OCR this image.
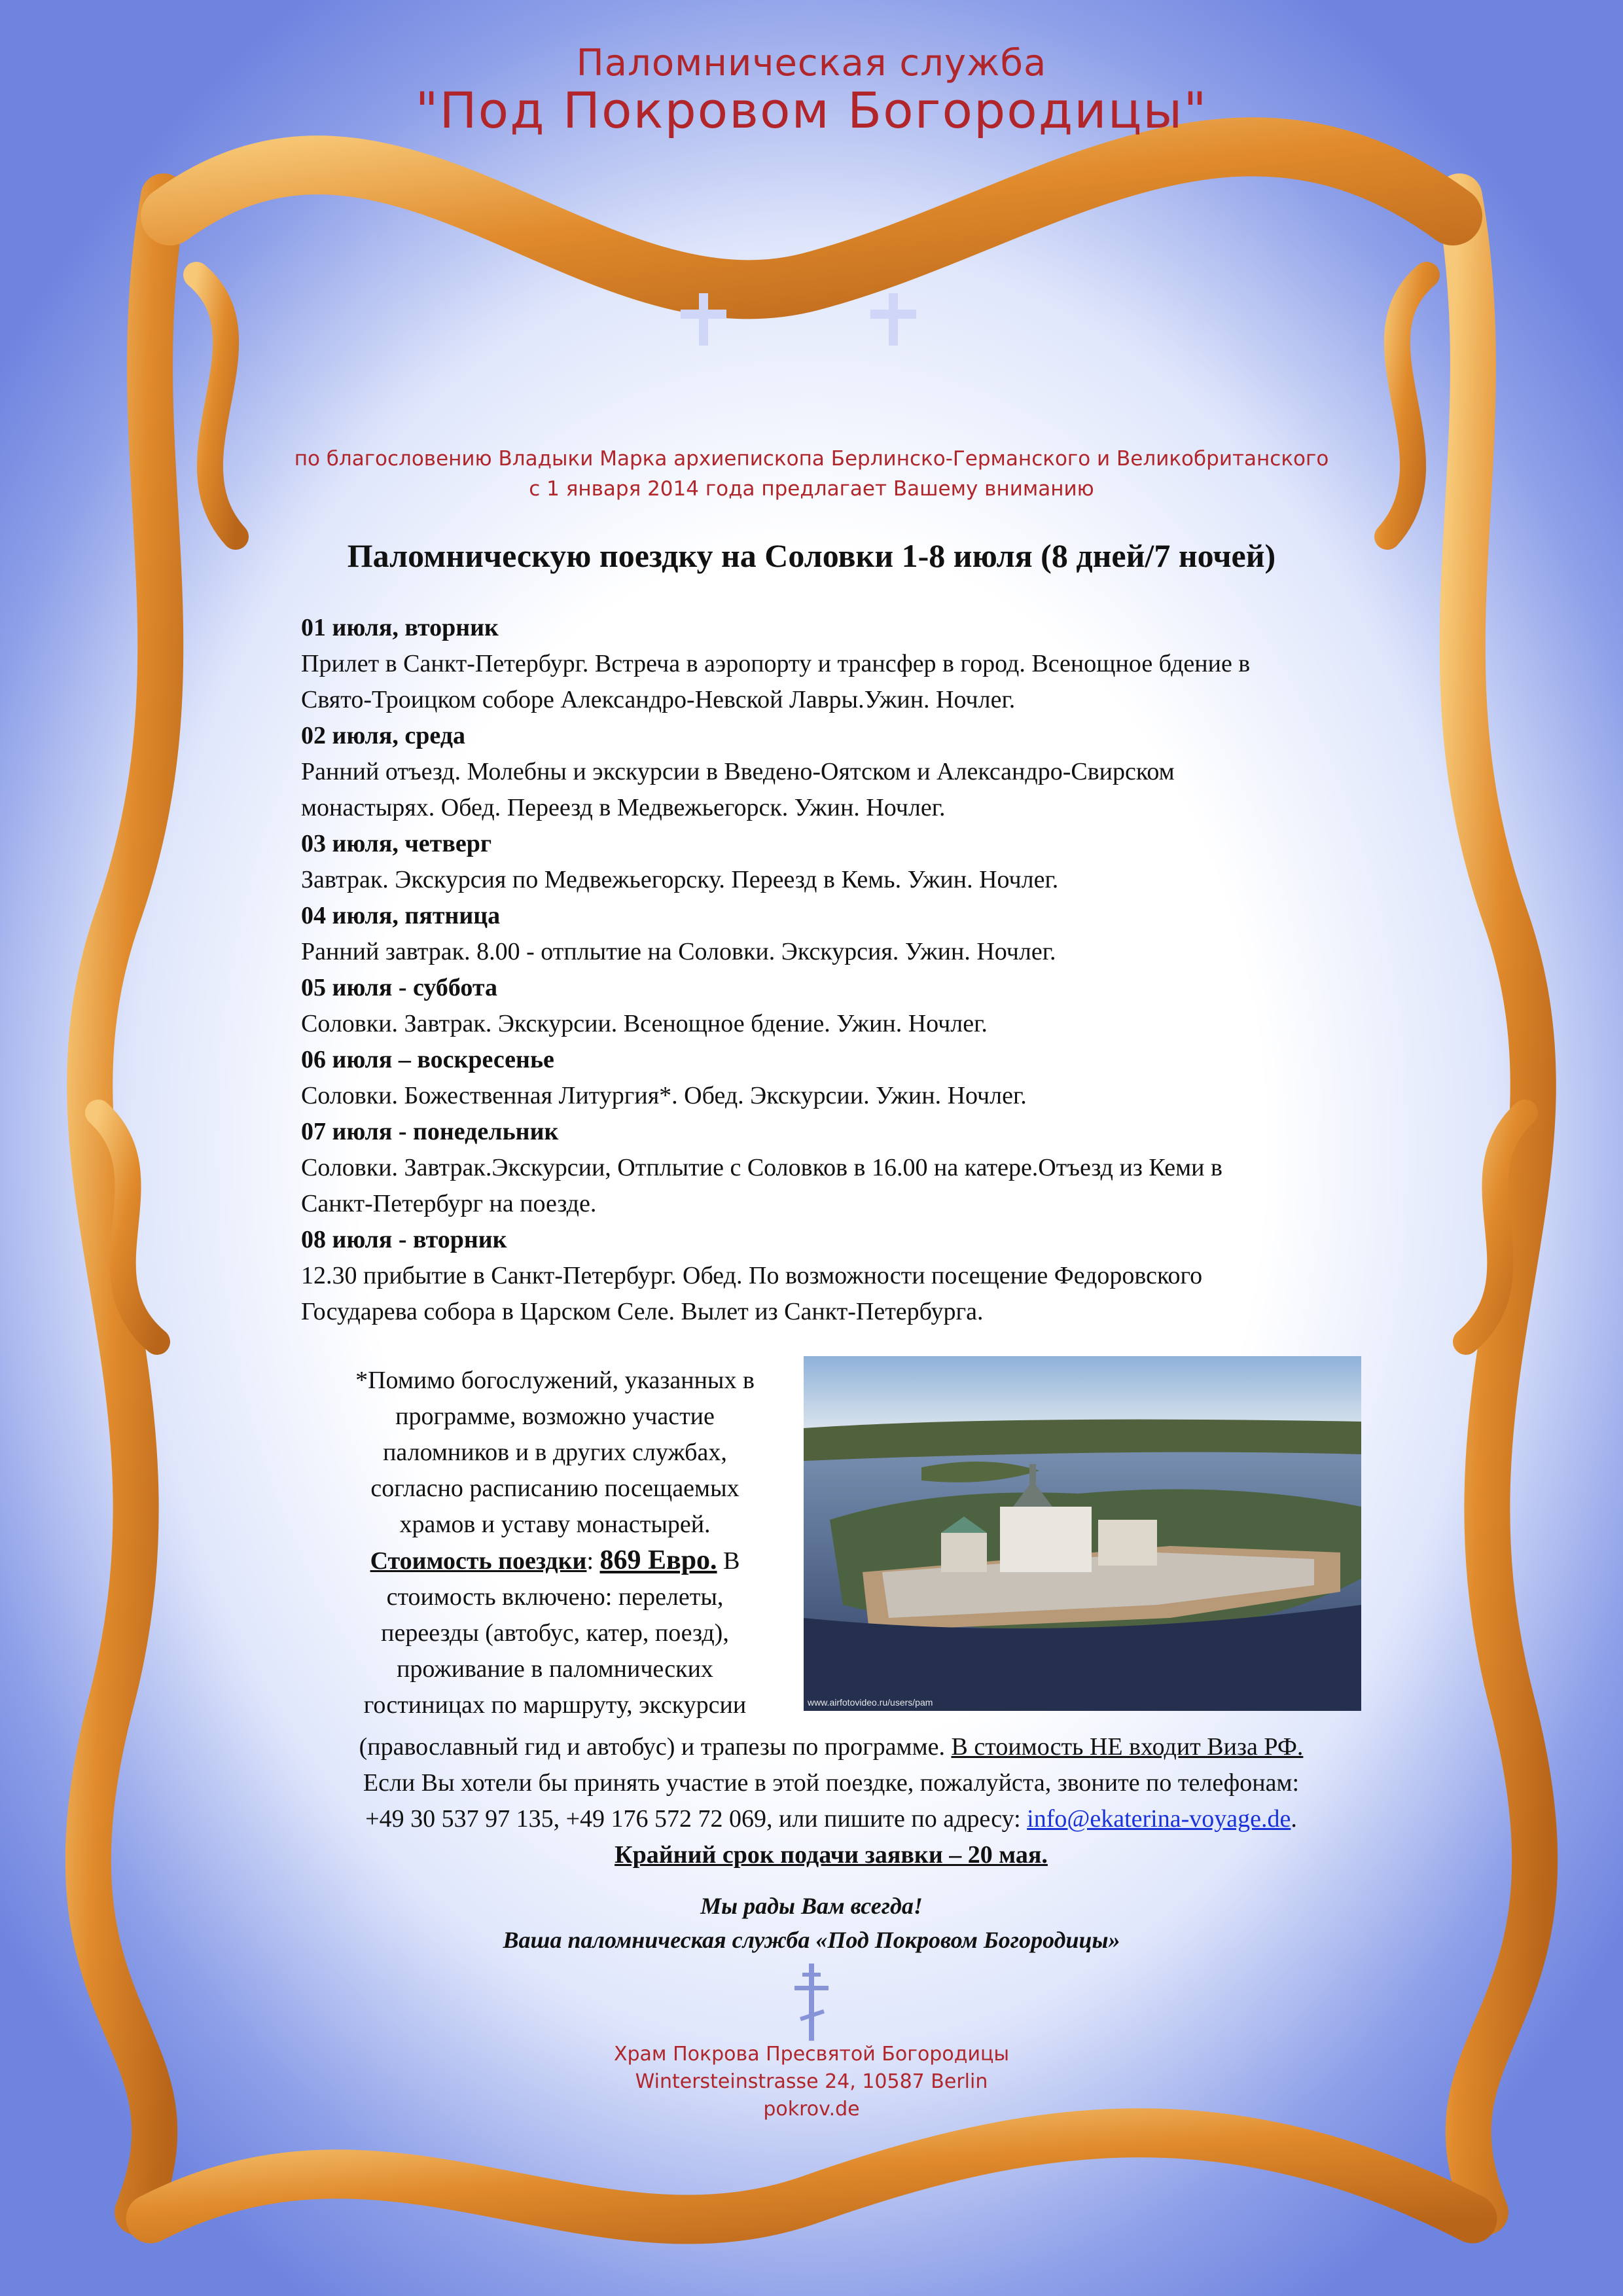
Паломническая служба
"Под Покровом Богородицы"
по благословению Владыки Марка архиепископа Берлинско-Германского и Великобританского
с 1 января 2014 года предлагает Вашему вниманию
Паломническую поездку на Соловки 1-8 июля (8 дней/7 ночей)
01 июля, вторник
Прилет в Санкт-Петербург. Встреча в аэропорту и трансфер в город. Всенощное бдение в
Свято-Троицком соборе Александро-Невской Лавры.Ужин. Ночлег.
02 июля, среда
Ранний отъезд. Молебны и экскурсии в Введено-Оятском и Александро-Свирском
монастырях. Обед. Переезд в Медвежьегорск. Ужин. Ночлег.
03 июля, четверг
Завтрак. Экскурсия по Медвежьегорску. Переезд в Кемь. Ужин. Ночлег.
04 июля, пятница
Ранний завтрак. 8.00 - отплытие на Соловки. Экскурсия. Ужин. Ночлег.
05 июля - суббота
Соловки. Завтрак. Экскурсии. Всенощное бдение. Ужин. Ночлег.
06 июля – воскресенье
Соловки. Божественная Литургия*. Обед. Экскурсии. Ужин. Ночлег.
07 июля - понедельник
Соловки. Завтрак.Экскурсии, Отплытие с Соловков в 16.00 на катере.Отъезд из Кеми в
Санкт-Петербург на поезде.
08 июля - вторник
12.30 прибытие в Санкт-Петербург. Обед. По возможности посещение Федоровского
Государева собора в Царском Селе. Вылет из Санкт-Петербурга.
*Помимо богослужений, указанных в
программе, возможно участие
паломников и в других службах,
согласно расписанию посещаемых
храмов и уставу монастырей.
Стоимость поездки: 869 Евро. В
стоимость включено: перелеты,
переезды (автобус, катер, поезд),
проживание в паломнических
гостиницах по маршруту, экскурсии	www.airfotovideo.ru/users/pam
(православный гид и автобус) и трапезы по программе. В стоимость НЕ входит Виза РФ.
Если Вы хотели бы принять участие в этой поездке, пожалуйста, звоните по телефонам:
+49 30 537 97 135, +49 176 572 72 069, или пишите по адресу: info@ekaterina-voyage.de.
Крайний срок подачи заявки – 20 мая.
Мы рады Вам всегда!
Ваша паломническая служба «Под Покровом Богородицы»
Храм Покрова Пресвятой Богородицы
Wintersteinstrasse 24, 10587 Berlin
pokrov.de
